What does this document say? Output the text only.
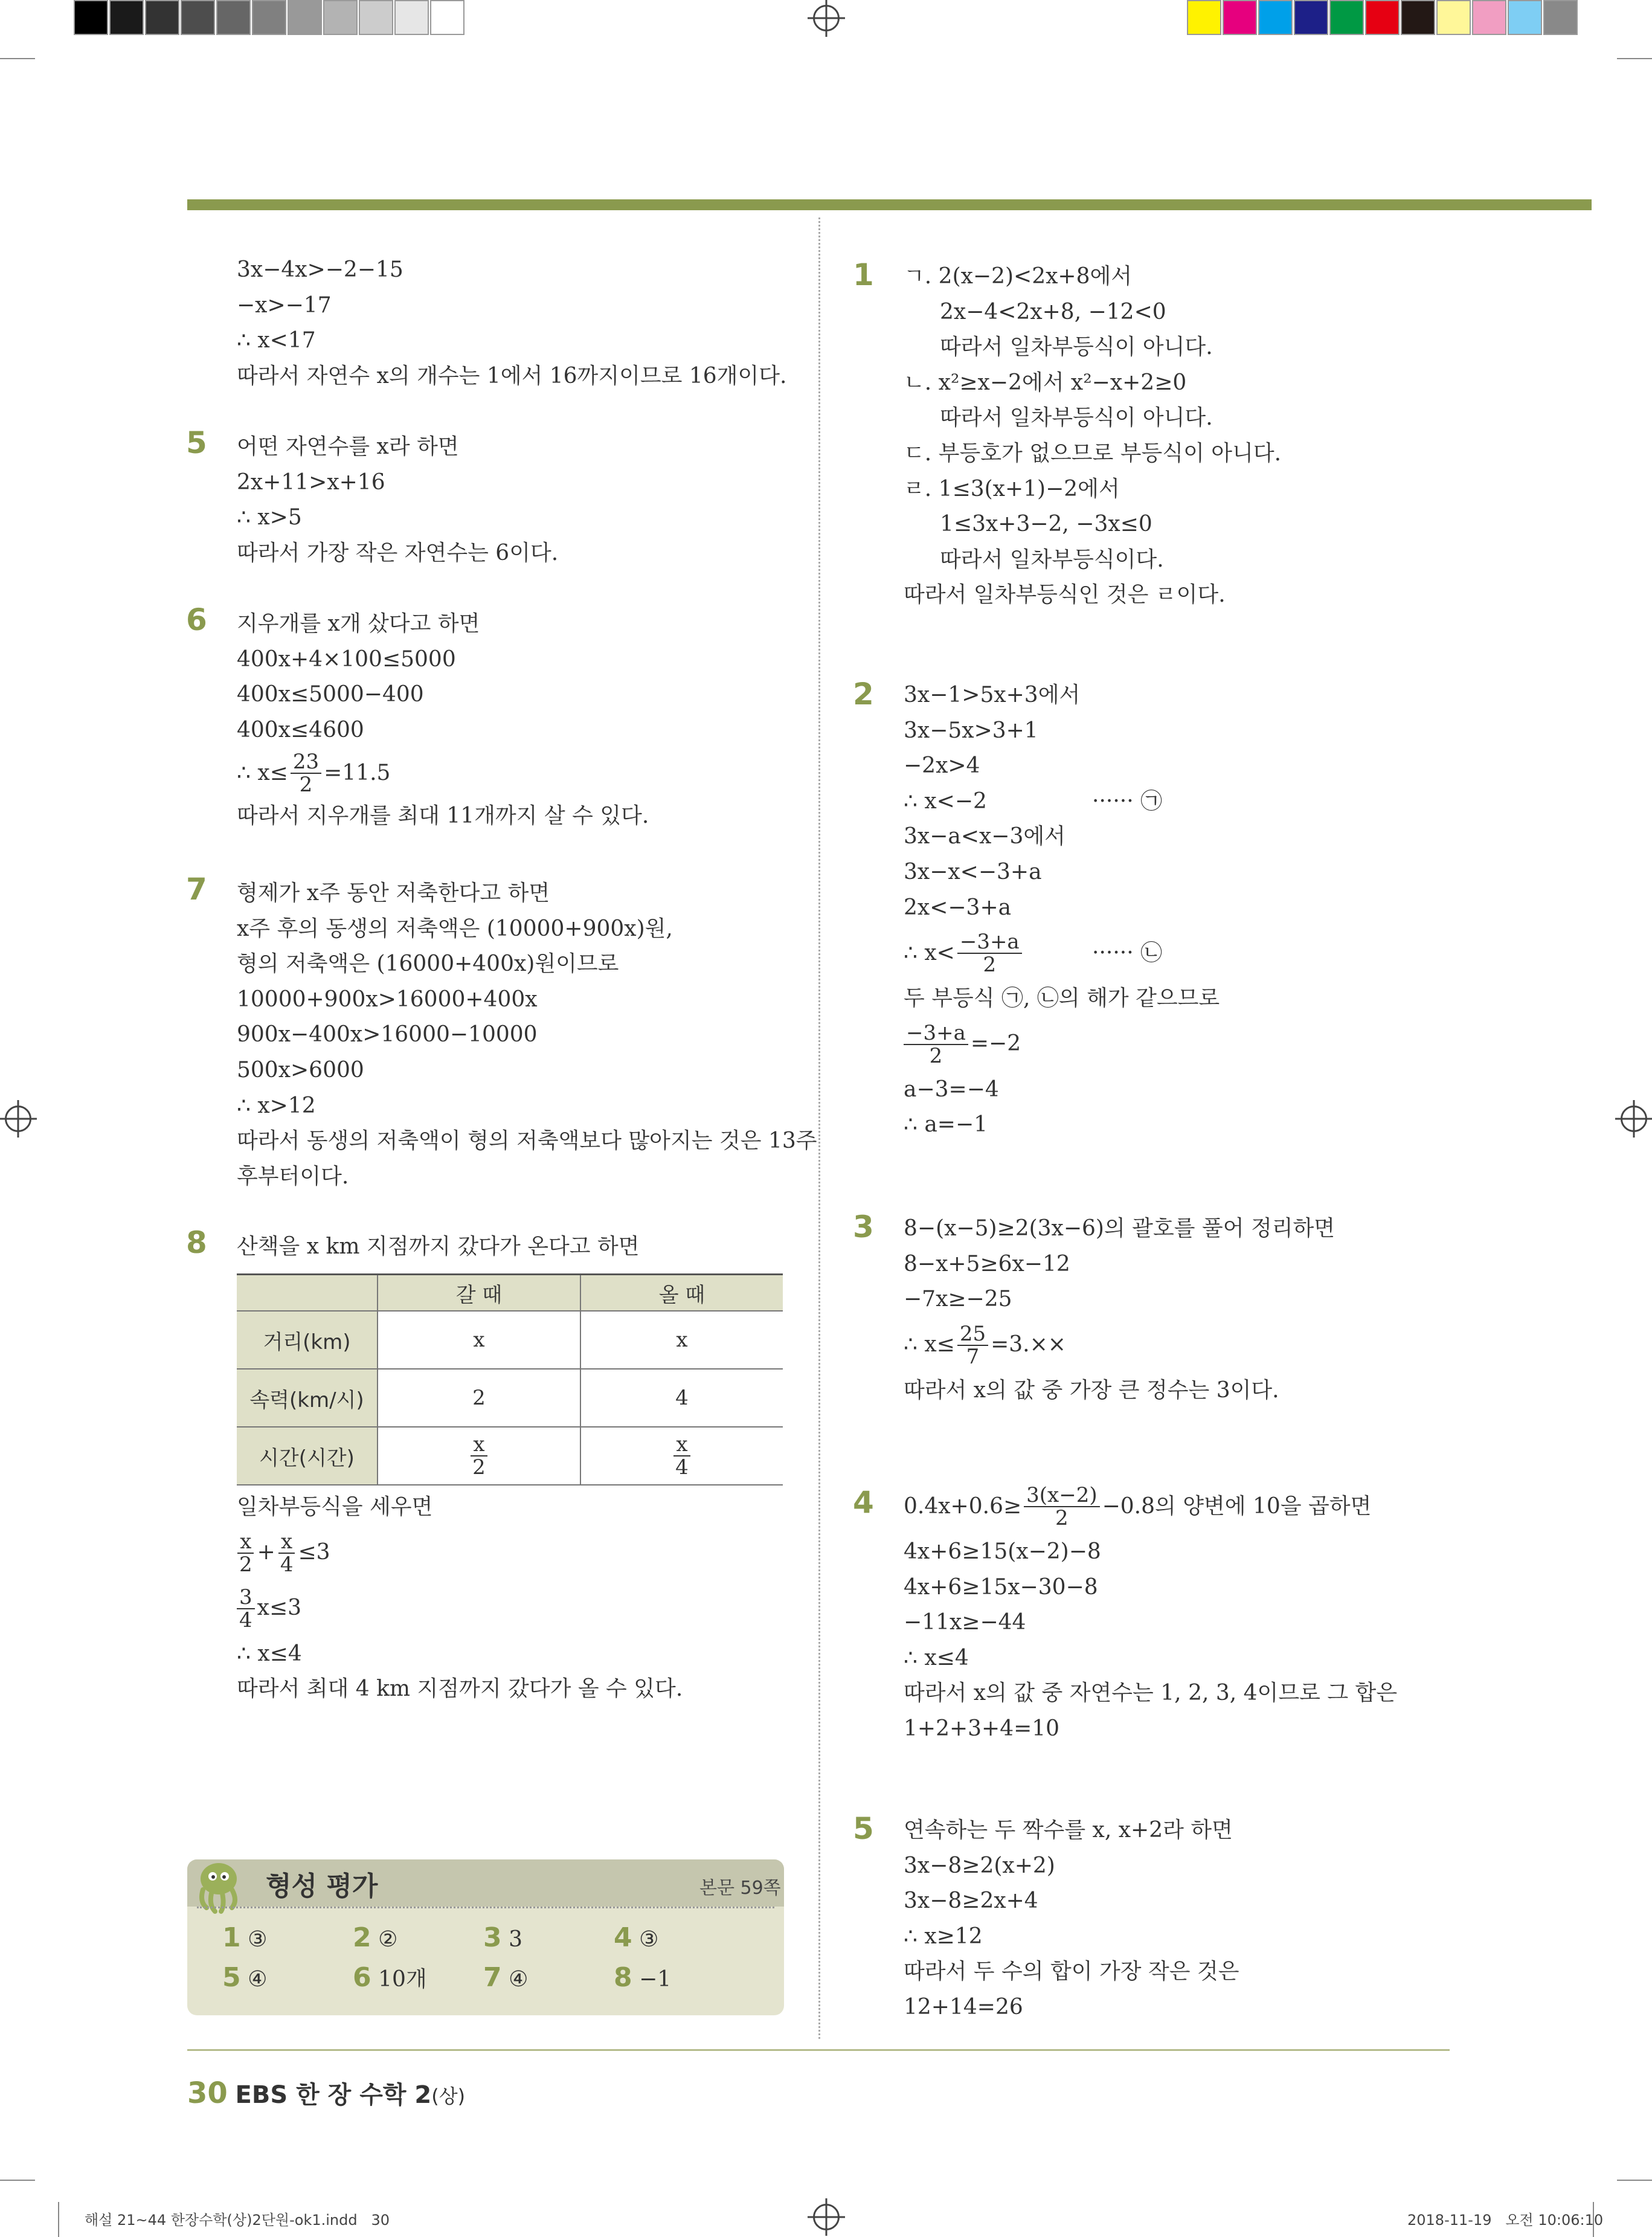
3x−4x>−2−15
−x>−17
∴ x<17
따라서 자연수 x의 개수는 1에서 16까지이므로 16개이다.
5 어떤 자연수를 x라 하면
2x+11>x+16
∴ x>5
따라서 가장 작은 자연수는 6이다.
6 지우개를 x개 샀다고 하면
400x+4×100≤5000
400x≤5000−400
400x≤4600
∴ $x\le \frac{23}{2} =11.5$
따라서 지우개를 최대 11개까지 살 수 있다.
7 형제가 x주 동안 저축한다고 하면
x주 후의 동생의 저축액은 (10000+900x)원,
형의 저축액은 (16000+400x)원이므로
10000+900x>16000+400x
900x−400x>16000−10000
500x>6000
∴ x>12
따라서 동생의 저축액이 형의 저축액보다 많아지는 것은 13주
후부터이다.
8 산책을 x km 지점까지 갔다가 온다고 하면
	갈 때	올 때
거리(km)	x	x
속력(km/시)	2	4
시간(시간)	$\frac{x}{2}$	$\frac{x}{4}$
일차부등식을 세우면
$\frac{x}{2} + \frac{x}{4} \le 3$
$\frac{3}{4} x\le 3$
∴ x≤4
따라서 최대 4 km 지점까지 갔다가 올 수 있다.
형성 평가	본문 59쪽
1 ③	2 ②	3 3	4 ③
5 ④	6 10개 7 ④	8 −1
1 ㄱ. 2(x−2)<2x+8에서
2x−4<2x+8, −12<0
따라서 일차부등식이 아니다.
ㄴ. x²≥x−2에서 x²−x+2≥0
따라서 일차부등식이 아니다.
ㄷ. 부등호가 없으므로 부등식이 아니다.
ㄹ. 1≤3(x+1)−2에서
1≤3x+3−2, −3x≤0
따라서 일차부등식이다.
따라서 일차부등식인 것은 ㄹ이다.
2 3x−1>5x+3에서
3x−5x>3+1
−2x>4
∴ x<−2	······ ㉠
3x−a<x−3에서
3x−x<−3+a
2x<−3+a
∴ $x< \frac{-3+a}{2}$	······ ㉡
두 부등식 ㉠, ㉡의 해가 같으므로
$\frac{-3+a}{2} =-2$
a−3=−4
∴ a=−1
3 8−(x−5)≥2(3x−6)의 괄호를 풀어 정리하면
8−x+5≥6x−12
−7x≥−25
∴ $x\le \frac{25}{7} =3.\times\times$
따라서 x의 값 중 가장 큰 정수는 3이다.
4 $0.4x+0.6\ge \frac{3(x-2)}{2} -0.8$의 양변에 10을 곱하면
4x+6≥15(x−2)−8
4x+6≥15x−30−8
−11x≥−44
∴ x≤4
따라서 x의 값 중 자연수는 1, 2, 3, 4이므로 그 합은
1+2+3+4=10
5 연속하는 두 짝수를 x, x+2라 하면
3x−8≥2(x+2)
3x−8≥2x+4
∴ x≥12
따라서 두 수의 합이 가장 작은 것은
12+14=26
30 EBS 한 장 수학 2(상)
해설 21~44 한장수학(상)2단원-ok1.indd   30	2018-11-19   오전 10:06:10
